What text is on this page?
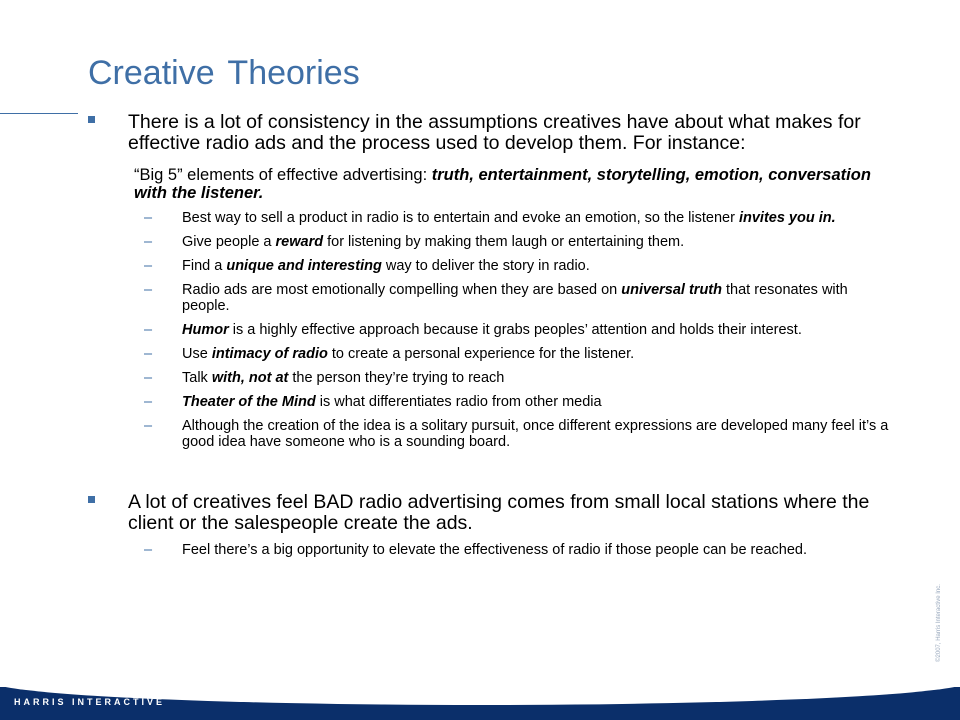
Creative Theories
There is a lot of consistency in the assumptions creatives have about what makes for effective radio ads and the process used to develop them. For instance:
“Big 5” elements of effective advertising: truth, entertainment, storytelling, emotion, conversation with the listener.
– Best way to sell a product in radio is to entertain and evoke an emotion, so the listener invites you in.
– Give people a reward for listening by making them laugh or entertaining them.
– Find a unique and interesting way to deliver the story in radio.
– Radio ads are most emotionally compelling when they are based on universal truth that resonates with people.
– Humor is a highly effective approach because it grabs peoples’ attention and holds their interest.
– Use intimacy of radio to create a personal experience for the listener.
– Talk with, not at the person they’re trying to reach
– Theater of the Mind is what differentiates radio from other media
– Although the creation of the idea is a solitary pursuit, once different expressions are developed many feel it’s a good idea have someone who is a sounding board.
A lot of creatives feel BAD radio advertising comes from small local stations where the client or the salespeople create the ads.
– Feel there’s a big opportunity to elevate the effectiveness of radio if those people can be reached.
©2007, Harris Interactive Inc.
HARRIS INTERACTIVE
